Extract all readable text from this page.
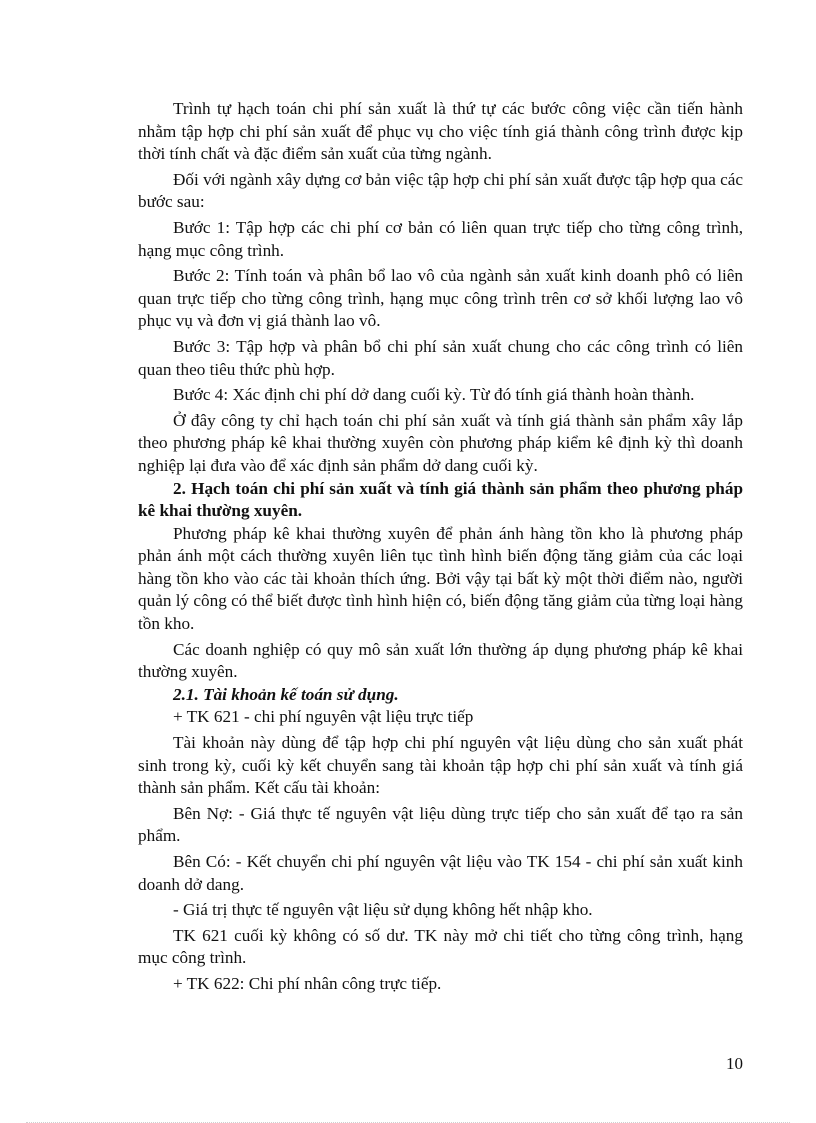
Trình tự hạch toán chi phí sản xuất là thứ tự các bước công việc cần tiến hành nhằm tập hợp chi phí sản xuất để phục vụ cho việc tính giá thành công trình được kịp thời tính chất và đặc điểm sản xuất của từng ngành.

Đối với ngành xây dựng cơ bản việc tập hợp chi phí sản xuất được tập hợp qua các bước sau:

Bước 1: Tập hợp các chi phí cơ bản có liên quan trực tiếp cho từng công trình, hạng mục công trình.

Bước 2: Tính toán và phân bổ lao vô của ngành sản xuất kinh doanh phô có liên quan trực tiếp cho từng công trình, hạng mục công trình trên cơ sở khối lượng lao vô phục vụ và đơn vị giá thành lao vô.

Bước 3: Tập hợp và phân bổ chi phí sản xuất chung cho các công trình có liên quan theo tiêu thức phù hợp.

Bước 4: Xác định chi phí dở dang cuối kỳ. Từ đó tính giá thành hoàn thành.

Ở đây công ty chỉ hạch toán chi phí sản xuất và tính giá thành sản phẩm xây lắp theo phương pháp kê khai thường xuyên còn phương pháp kiểm kê định kỳ thì doanh nghiệp lại đưa vào để xác định sản phẩm dở dang cuối kỳ.

2. Hạch toán chi phí sản xuất và tính giá thành sản phẩm theo phương pháp kê khai thường xuyên.

Phương pháp kê khai thường xuyên để phản ánh hàng tồn kho là phương pháp phản ánh một cách thường xuyên liên tục tình hình biến động tăng giảm của các loại hàng tồn kho vào các tài khoản thích ứng. Bởi vậy tại bất kỳ một thời điểm nào, người quản lý công có thể biết được tình hình hiện có, biến động tăng giảm của từng loại hàng tồn kho.

Các doanh nghiệp có quy mô sản xuất lớn thường áp dụng phương pháp kê khai thường xuyên.

2.1. Tài khoản kế toán sử dụng.

+ TK 621 - chi phí nguyên vật liệu trực tiếp

Tài khoản này dùng để tập hợp chi phí nguyên vật liệu dùng cho sản xuất phát sinh trong kỳ, cuối kỳ kết chuyển sang tài khoản tập hợp chi phí sản xuất và tính giá thành sản phẩm. Kết cấu tài khoản:

Bên Nợ: - Giá thực tế nguyên vật liệu dùng trực tiếp cho sản xuất để tạo ra sản phẩm.

Bên Có: - Kết chuyển chi phí nguyên vật liệu vào TK 154 - chi phí sản xuất kinh doanh dở dang.

- Giá trị thực tế nguyên vật liệu sử dụng không hết nhập kho.

TK 621 cuối kỳ không có số dư. TK này mở chi tiết cho từng công trình, hạng mục công trình.

+ TK 622: Chi phí nhân công trực tiếp.

10
